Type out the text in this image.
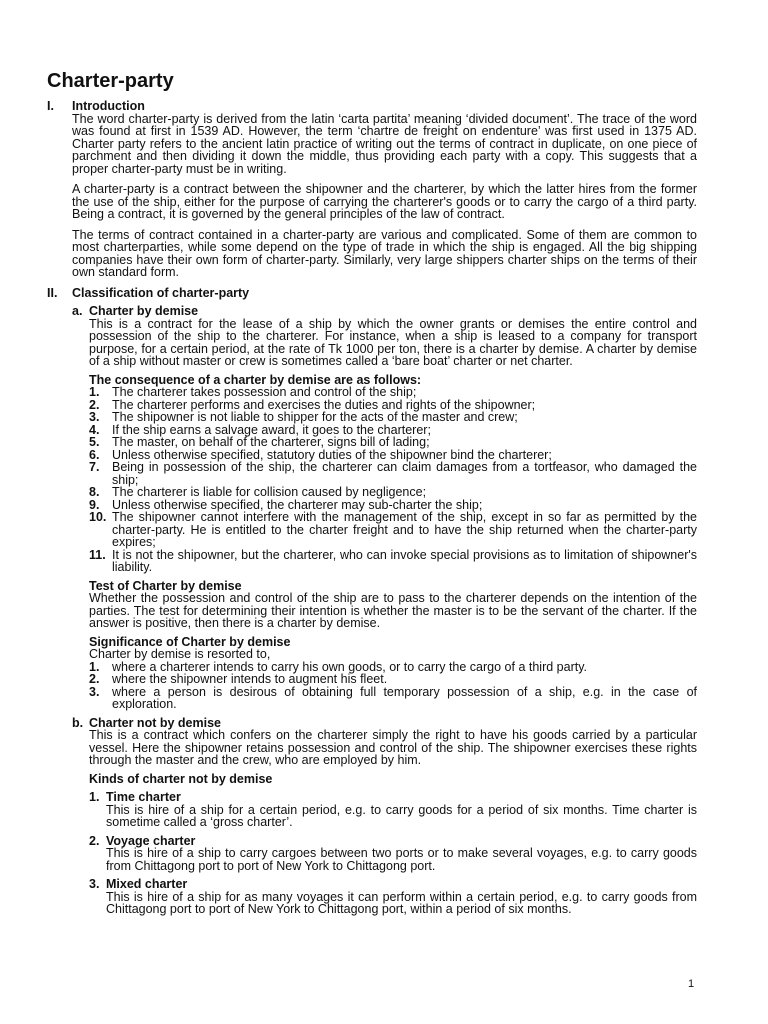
Charter-party
I. Introduction

The word charter-party is derived from the latin ‘carta partita’ meaning ‘divided document’. The trace of the word was found at first in 1539 AD. However, the term ‘chartre de freight on endenture’ was first used in 1375 AD. Charter party refers to the ancient latin practice of writing out the terms of contract in duplicate, on one piece of parchment and then dividing it down the middle, thus providing each party with a copy. This suggests that a proper charter-party must be in writing.

A charter-party is a contract between the shipowner and the charterer, by which the latter hires from the former the use of the ship, either for the purpose of carrying the charterer's goods or to carry the cargo of a third party. Being a contract, it is governed by the general principles of the law of contract.

The terms of contract contained in a charter-party are various and complicated. Some of them are common to most charterparties, while some depend on the type of trade in which the ship is engaged. All the big shipping companies have their own form of charter-party. Similarly, very large shippers charter ships on the terms of their own standard form.

II. Classification of charter-party
a. Charter by demise

This is a contract for the lease of a ship by which the owner grants or demises the entire control and possession of the ship to the charterer. For instance, when a ship is leased to a company for transport purpose, for a certain period, at the rate of Tk 1000 per ton, there is a charter by demise. A charter by demise of a ship without master or crew is sometimes called a ‘bare boat’ charter or net charter.

The consequence of a charter by demise are as follows:
1. The charterer takes possession and control of the ship;
2. The charterer performs and exercises the duties and rights of the shipowner;
3. The shipowner is not liable to shipper for the acts of the master and crew;
4. If the ship earns a salvage award, it goes to the charterer;
5. The master, on behalf of the charterer, signs bill of lading;
6. Unless otherwise specified, statutory duties of the shipowner bind the charterer;
7. Being in possession of the ship, the charterer can claim damages from a tortfeasor, who damaged the ship;
8. The charterer is liable for collision caused by negligence;
9. Unless otherwise specified, the charterer may sub-charter the ship;
10. The shipowner cannot interfere with the management of the ship, except in so far as permitted by the charter-party. He is entitled to the charter freight and to have the ship returned when the charter-party expires;
11. It is not the shipowner, but the charterer, who can invoke special provisions as to limitation of shipowner's liability.
Test of Charter by demise

Whether the possession and control of the ship are to pass to the charterer depends on the intention of the parties. The test for determining their intention is whether the master is to be the servant of the charter. If the answer is positive, then there is a charter by demise.

Significance of Charter by demise
Charter by demise is resorted to,
1. where a charterer intends to carry his own goods, or to carry the cargo of a third party.
2. where the shipowner intends to augment his fleet.
3. where a person is desirous of obtaining full temporary possession of a ship, e.g. in the case of exploration.
b. Charter not by demise

This is a contract which confers on the charterer simply the right to have his goods carried by a particular vessel. Here the shipowner retains possession and control of the ship. The shipowner exercises these rights through the master and the crew, who are employed by him.

Kinds of charter not by demise
1. Time charter
This is hire of a ship for a certain period, e.g. to carry goods for a period of six months. Time charter is sometime called a ‘gross charter’.
2. Voyage charter
This is hire of a ship to carry cargoes between two ports or to make several voyages, e.g. to carry goods from Chittagong port to port of New York to Chittagong port.
3. Mixed charter
This is hire of a ship for as many voyages it can perform within a certain period, e.g. to carry goods from Chittagong port to port of New York to Chittagong port, within a period of six months.
1
